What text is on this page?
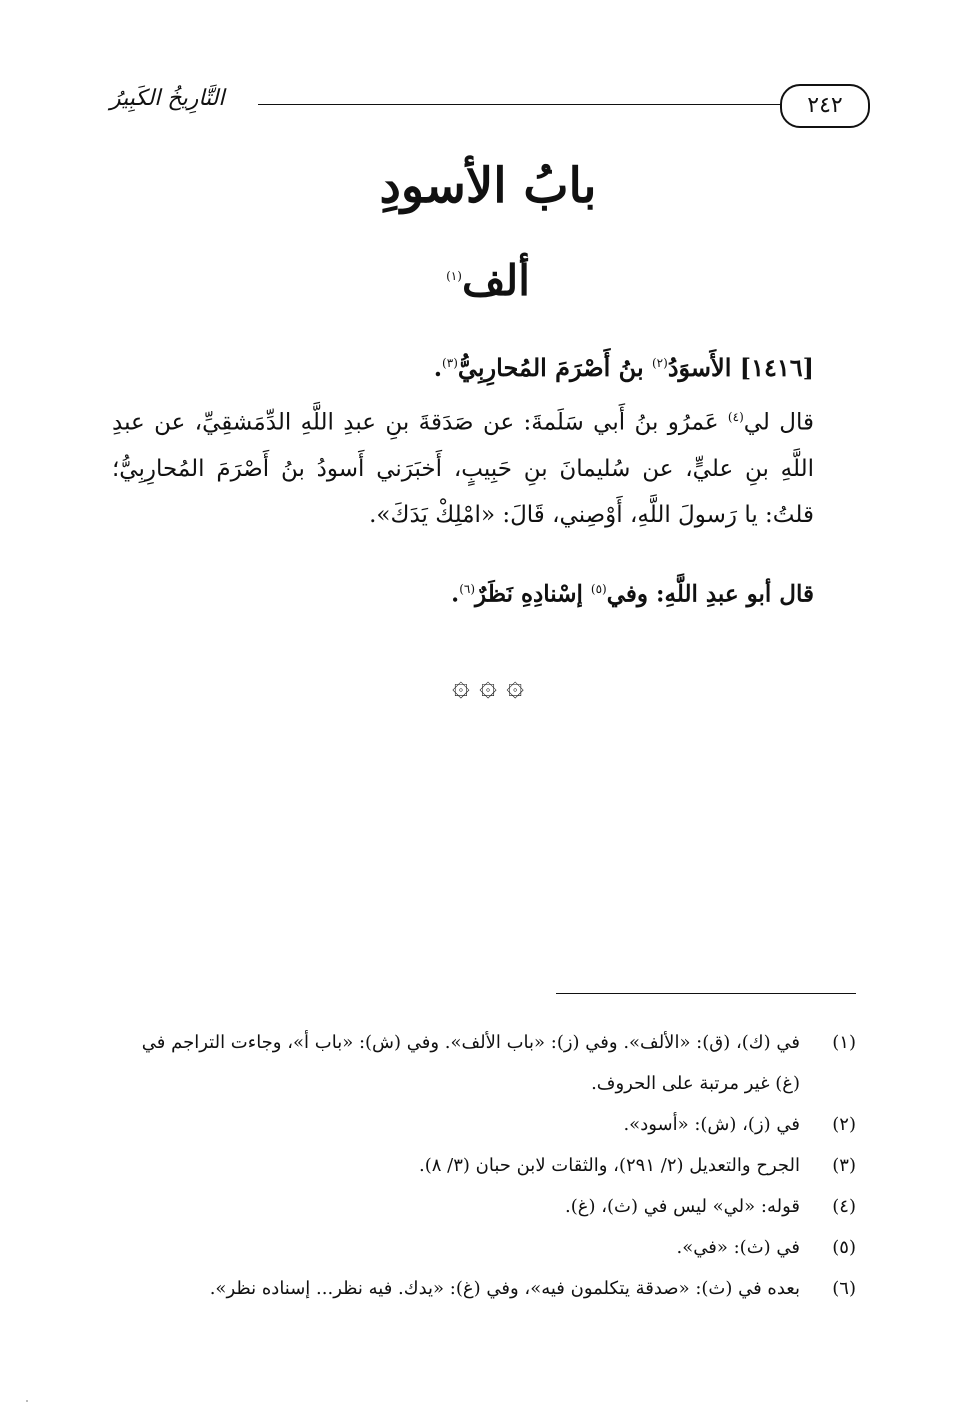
٢٤٢
التَّارِيخُ الكَبِيرُ
بابُ الأسودِ
ألف$^{(١)}$
[١٤١٦] الأَسوَدُ$^{(٢)}$ بنُ أَصْرَمَ المُحارِبِيُّ$^{(٣)}$.
قال لي$^{(٤)}$ عَمرُو بنُ أَبي سَلَمةَ: عن صَدَقةَ بنِ عبدِ اللَّهِ الدِّمَشقِيِّ، عن عبدِ اللَّهِ بنِ عليٍّ، عن سُليمانَ بنِ حَبِيبٍ، أَخبَرَني أَسودُ بنُ أَصْرَمَ المُحارِبِيُّ؛ قلتُ: يا رَسولَ اللَّهِ، أَوْصِني، قَالَ: «امْلِكْ يَدَكَ».
قال أبو عبدِ اللَّهِ: وفي$^{(٥)}$ إسْنادِهِ نَظَرٌ$^{(٦)}$.
۞ ۞ ۞
(١)
في (ك)، (ق): «الألف». وفي (ز): «باب الألف». وفي (ش): «باب أ»، وجاءت التراجم في (غ) غير مرتبة على الحروف.
(٢)
في (ز)، (ش): «أسود».
(٣)
الجرح والتعديل (٢/ ٢٩١)، والثقات لابن حبان (٣/ ٨).
(٤)
قوله: «لي» ليس في (ث)، (غ).
(٥)
في (ث): «في».
(٦)
بعده في (ث): «صدقة يتكلمون فيه»، وفي (غ): «يدك. فيه نظر... إسناده نظر».
